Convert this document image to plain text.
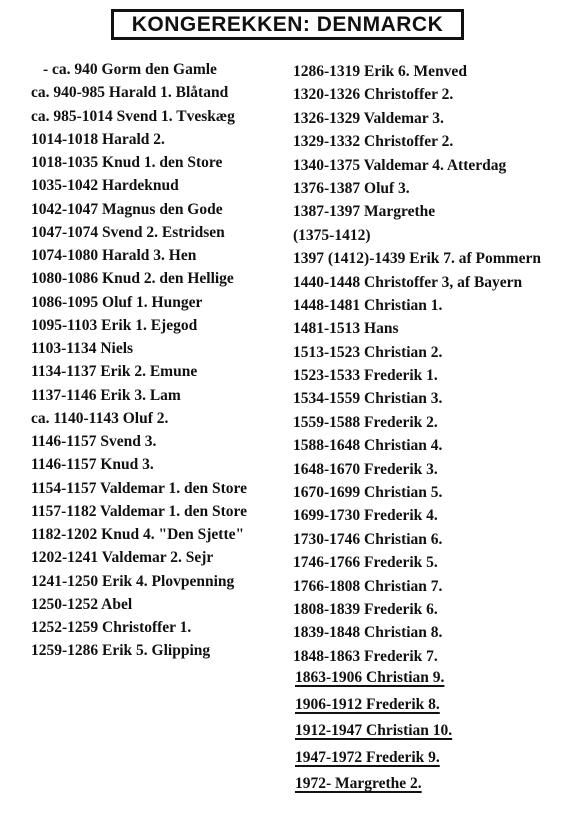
KONGEREKKEN: DENMARCK
- ca. 940 Gorm den Gamle
ca. 940-985 Harald 1. Blåtand
ca. 985-1014 Svend 1. Tveskæg
1014-1018 Harald 2.
1018-1035 Knud 1. den Store
1035-1042 Hardeknud
1042-1047 Magnus den Gode
1047-1074 Svend 2. Estridsen
1074-1080 Harald 3. Hen
1080-1086 Knud 2. den Hellige
1086-1095 Oluf 1. Hunger
1095-1103 Erik 1. Ejegod
1103-1134 Niels
1134-1137 Erik 2. Emune
1137-1146 Erik 3. Lam
ca. 1140-1143 Oluf 2.
1146-1157 Svend 3.
1146-1157 Knud 3.
1154-1157 Valdemar 1. den Store
1157-1182 Valdemar 1. den Store
1182-1202 Knud 4. "Den Sjette"
1202-1241 Valdemar 2. Sejr
1241-1250 Erik 4. Plovpenning
1250-1252 Abel
1252-1259 Christoffer 1.
1259-1286 Erik 5. Glipping
1286-1319 Erik 6. Menved
1320-1326 Christoffer 2.
1326-1329 Valdemar 3.
1329-1332 Christoffer 2.
1340-1375 Valdemar 4. Atterdag
1376-1387 Oluf 3.
1387-1397 Margrethe
(1375-1412)
1397 (1412)-1439 Erik 7. af Pommern
1440-1448 Christoffer 3, af Bayern
1448-1481 Christian 1.
1481-1513 Hans
1513-1523 Christian 2.
1523-1533 Frederik 1.
1534-1559 Christian 3.
1559-1588 Frederik 2.
1588-1648 Christian 4.
1648-1670 Frederik 3.
1670-1699 Christian 5.
1699-1730 Frederik 4.
1730-1746 Christian 6.
1746-1766 Frederik 5.
1766-1808 Christian 7.
1808-1839 Frederik 6.
1839-1848 Christian 8.
1848-1863 Frederik 7.
1863-1906 Christian 9.
1906-1912 Frederik 8.
1912-1947 Christian 10.
1947-1972 Frederik 9.
1972- Margrethe 2.
